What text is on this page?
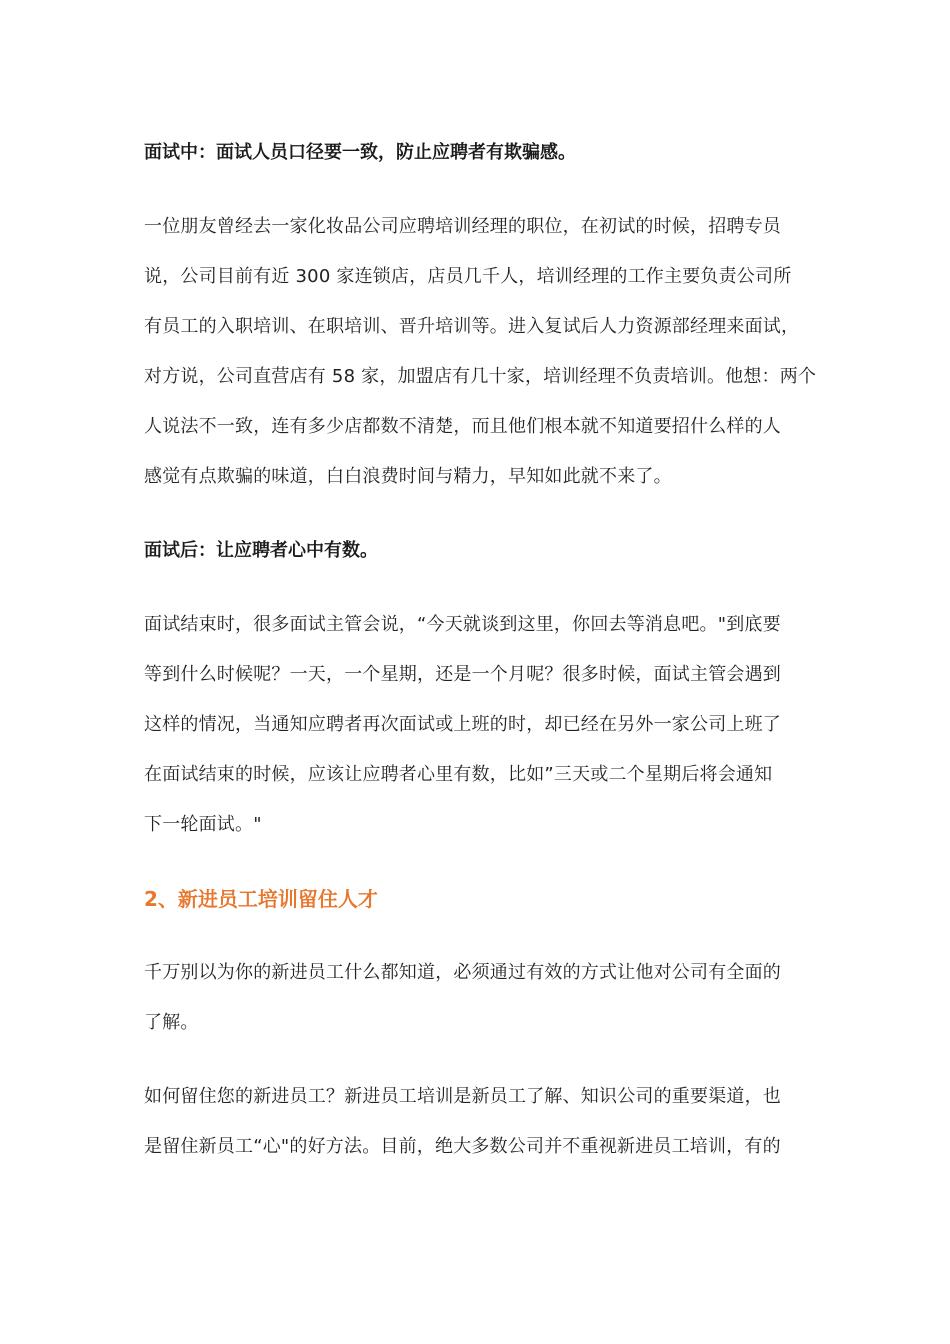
面试中：面试人员口径要一致，防止应聘者有欺骗感。

一位朋友曾经去一家化妆品公司应聘培训经理的职位，在初试的时候，招聘专员
说，公司目前有近 300 家连锁店，店员几千人，培训经理的工作主要负责公司所
有员工的入职培训、在职培训、晋升培训等。进入复试后人力资源部经理来面试，
对方说，公司直营店有 58 家，加盟店有几十家，培训经理不负责培训。他想：两个
人说法不一致，连有多少店都数不清楚，而且他们根本就不知道要招什么样的人
感觉有点欺骗的味道，白白浪费时间与精力，早知如此就不来了。

面试后：让应聘者心中有数。

面试结束时，很多面试主管会说，“今天就谈到这里，你回去等消息吧。"到底要
等到什么时候呢？一天，一个星期，还是一个月呢？很多时候，面试主管会遇到
这样的情况，当通知应聘者再次面试或上班的时，却已经在另外一家公司上班了
在面试结束的时候，应该让应聘者心里有数，比如”三天或二个星期后将会通知
下一轮面试。"

2、新进员工培训留住人才

千万别以为你的新进员工什么都知道，必须通过有效的方式让他对公司有全面的
了解。

如何留住您的新进员工？新进员工培训是新员工了解、知识公司的重要渠道，也
是留住新员工“心"的好方法。目前，绝大多数公司并不重视新进员工培训，有的
